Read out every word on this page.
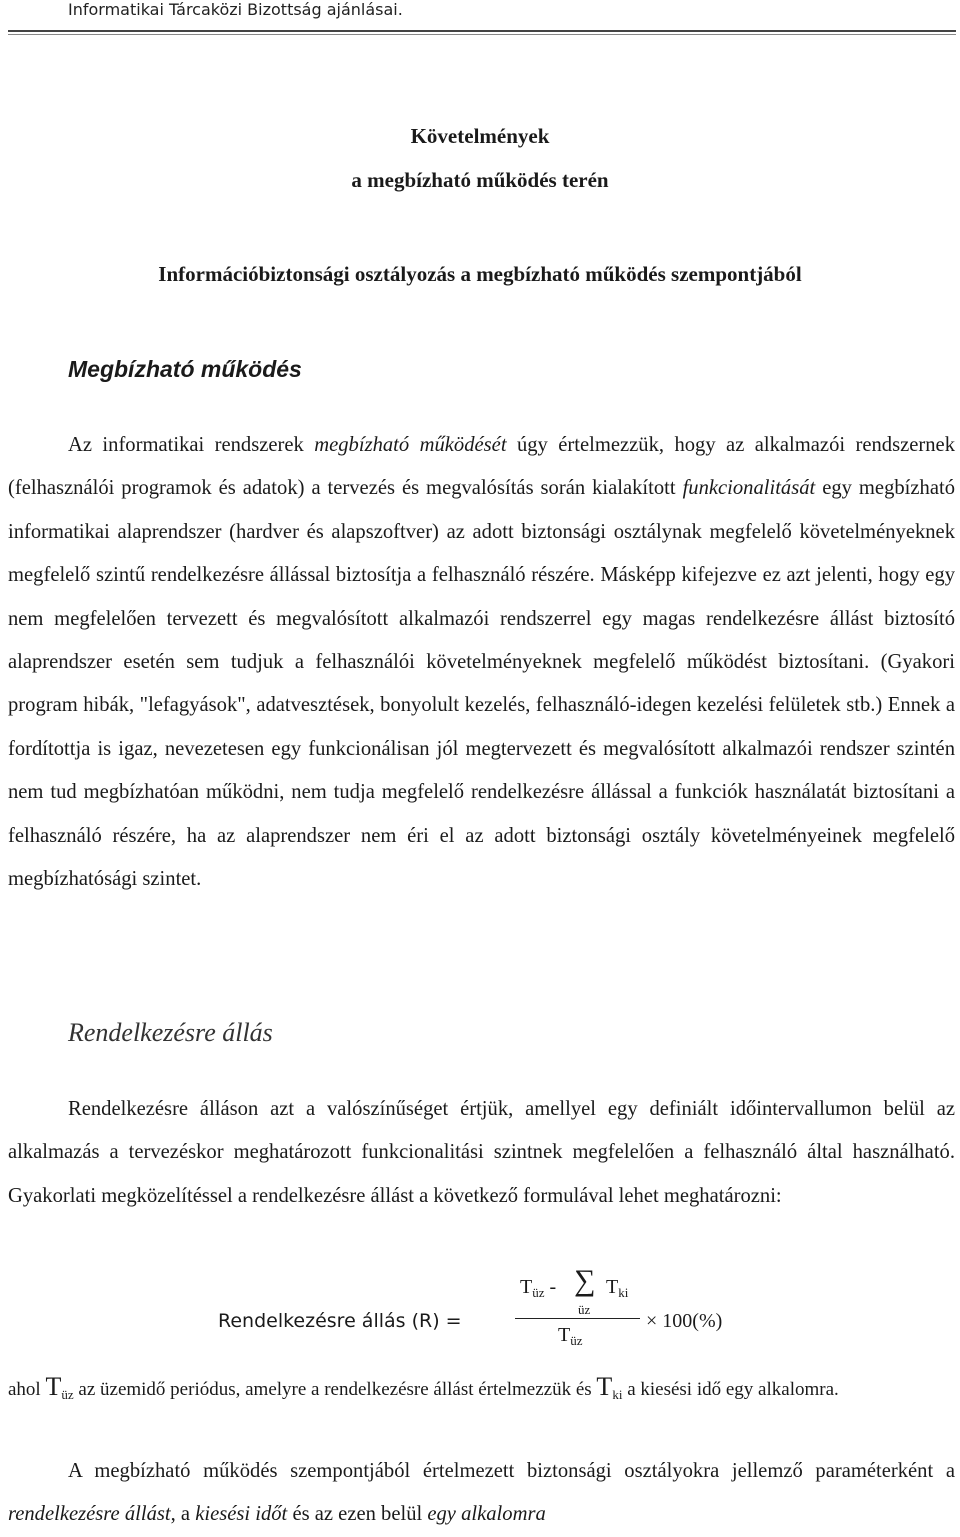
Informatikai Tárcaközi Bizottság ajánlásai.
Követelmények
a megbízható működés terén
Információbiztonsági osztályozás a megbízható működés szempontjából
Megbízható működés

Az informatikai rendszerek megbízható működését úgy értelmezzük, hogy az alkalmazói rendszernek (felhasználói programok és adatok) a tervezés és megvalósítás során kialakított funkcionalitását egy megbízható informatikai alaprendszer (hardver és alapszoftver) az adott biztonsági osztálynak megfelelő követelményeknek megfelelő szintű rendelkezésre állással biztosítja a felhasználó részére. Másképp kifejezve ez azt jelenti, hogy egy nem megfelelően tervezett és megvalósított alkalmazói rendszerrel egy magas rendelkezésre állást biztosító alaprendszer esetén sem tudjuk a felhasználói követelményeknek megfelelő működést biztosítani. (Gyakori program hibák, "lefagyások", adatvesztések, bonyolult kezelés, felhasználó-idegen kezelési felületek stb.) Ennek a fordítottja is igaz, nevezetesen egy funkcionálisan jól megtervezett és megvalósított alkalmazói rendszer szintén nem tud megbízhatóan működni, nem tudja megfelelő rendelkezésre állással a funkciók használatát biztosítani a felhasználó részére, ha az alaprendszer nem éri el az adott biztonsági osztály követelményeinek megfelelő megbízhatósági szintet.

Rendelkezésre állás

Rendelkezésre álláson azt a valószínűséget értjük, amellyel egy definiált időintervallumon belül az alkalmazás a tervezéskor meghatározott funkcionalitási szintnek megfelelően a felhasználó által használható. Gyakorlati megközelítéssel a rendelkezésre állást a következő formulával lehet meghatározni:

Rendelkezésre állás (R) =
$T_{üz}$ - ∑
üz
$T_{ki}$
$T_{üz}$
× 100(%)
ahol $T_{üz}$ az üzemidő periódus, amelyre a rendelkezésre állást értelmezzük és $T_{ki}$ a kiesési idő egy alkalomra.

A megbízható működés szempontjából értelmezett biztonsági osztályokra jellemző paraméterként a rendelkezésre állást, a kiesési időt és az ezen belül egy alkalomra
